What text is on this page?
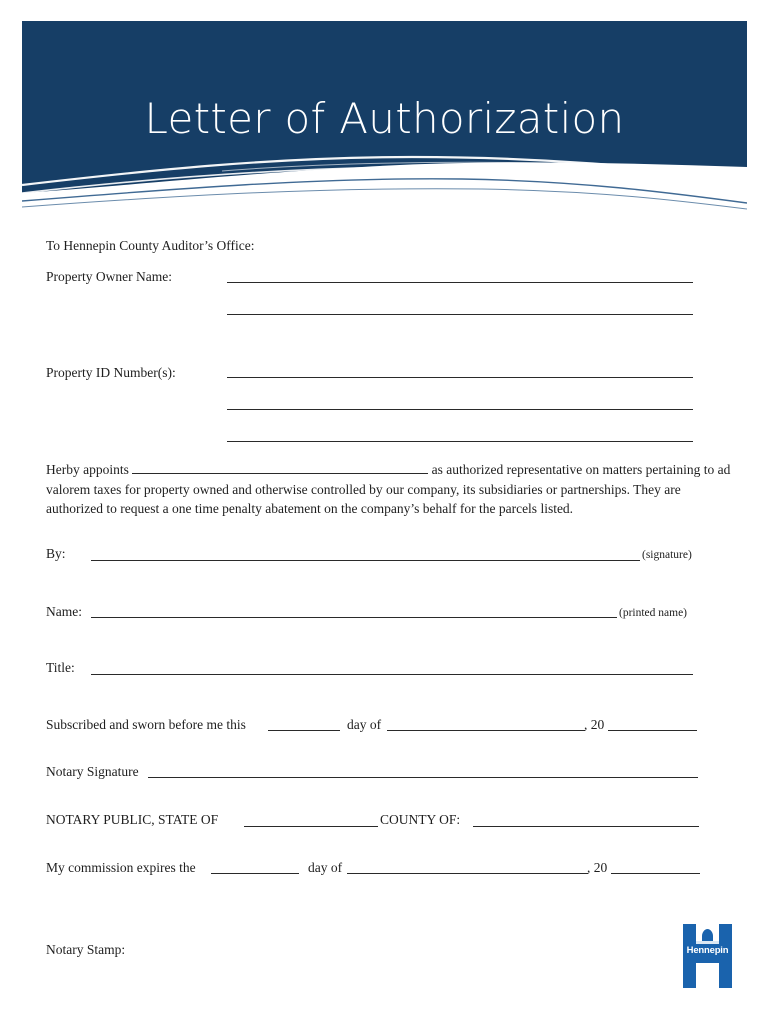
Letter of Authorization
To Hennepin County Auditor’s Office:
Property Owner Name:
Property ID Number(s):
Herby appoints	as authorized representative on matters pertaining to ad valorem taxes for property owned and otherwise controlled by our company, its subsidiaries or partnerships. They are authorized to request a one time penalty abatement on the company’s behalf for the parcels listed.
By:	(signature)
Name:	(printed name)
Title:
Subscribed and sworn before me this	day of	, 20
Notary Signature
NOTARY PUBLIC, STATE OF	COUNTY OF:
My commission expires the	day of	, 20
Notary Stamp:	Hennepin
